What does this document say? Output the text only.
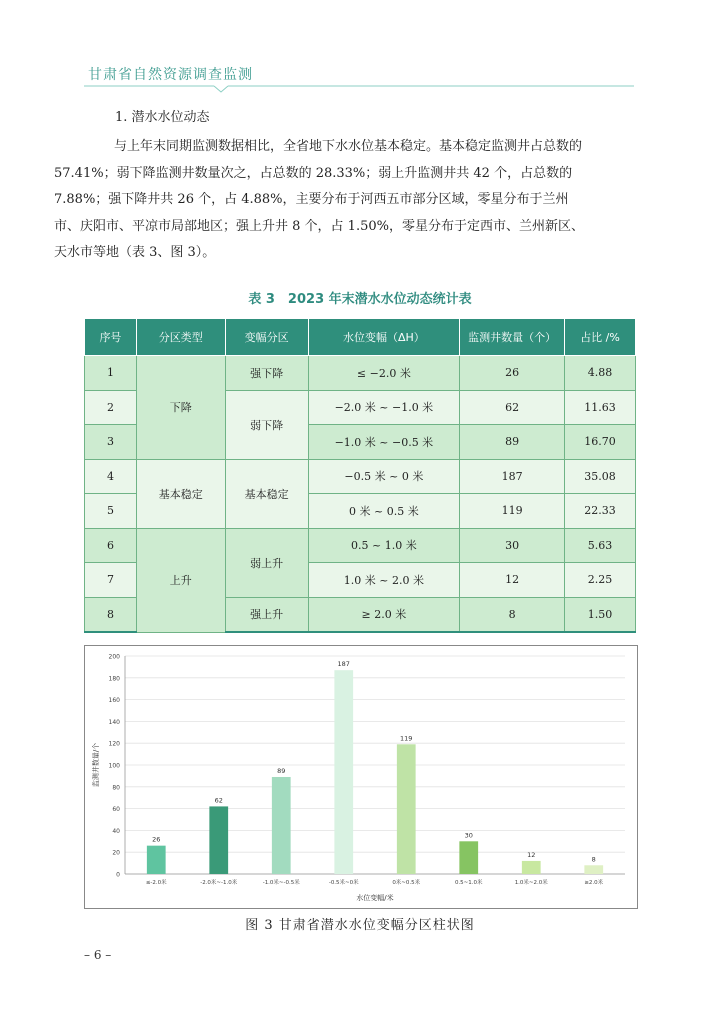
甘肃省自然资源调查监测
1. 潜水水位动态
与上年末同期监测数据相比，全省地下水水位基本稳定。基本稳定监测井占总数的
57.41%；弱下降监测井数量次之，占总数的 28.33%；弱上升监测井共 42 个，占总数的
7.88%；强下降井共 26 个，占 4.88%，主要分布于河西五市部分区域，零星分布于兰州
市、庆阳市、平凉市局部地区；强上升井 8 个，占 1.50%，零星分布于定西市、兰州新区、
天水市等地（表 3、图 3）。
表 3　2023 年末潜水水位动态统计表
序号	分区类型	变幅分区	水位变幅（ΔH）	监测井数量（个）	占比 /%
1	下降	强下降	≤ −2.0 米	26	4.88
2		弱下降	−2.0 米 ~ −1.0 米	62	11.63
3			−1.0 米 ~ −0.5 米	89	16.70
4	基本稳定	基本稳定	−0.5 米 ~ 0 米	187	35.08
5			0 米 ~ 0.5 米	119	22.33
6	上升	弱上升	0.5 ~ 1.0 米	30	5.63
7			1.0 米 ~ 2.0 米	12	2.25
8		强上升	≥ 2.0 米	8	1.50
0
20
40
60
80
100
120
140
160
180
200
26
≤-2.0米
62
-2.0米~-1.0米
89
-1.0米~-0.5米
187
-0.5米~0米
119
0米~0.5米
30
0.5~1.0米
12
1.0米~2.0米
8
≥2.0米
水位变幅/米
监测井数量/个
图 3 甘肃省潜水水位变幅分区柱状图
– 6 –
